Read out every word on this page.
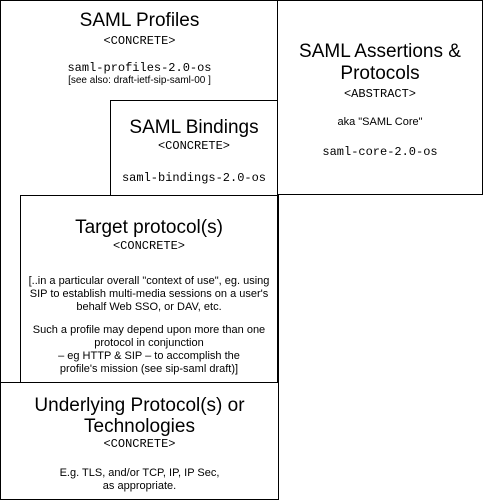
SAML Profiles

<CONCRETE>

saml-profiles-2.0-os

[see also: draft-ietf-sip-saml-00 ]

SAML Assertions &

Protocols

<ABSTRACT>

aka "SAML Core"

saml-core-2.0-os

SAML Bindings

<CONCRETE>

saml-bindings-2.0-os

Target protocol(s)

<CONCRETE>

[..in a particular overall "context of use", eg. using

SIP to establish multi-media sessions on a user's

behalf Web SSO, or DAV, etc.

Such a profile may depend upon more than one

protocol in conjunction

– eg HTTP & SIP – to accomplish the

profile's mission (see sip-saml draft)]

Underlying Protocol(s) or

Technologies

<CONCRETE>

E.g. TLS, and/or TCP, IP, IP Sec,

as appropriate.
